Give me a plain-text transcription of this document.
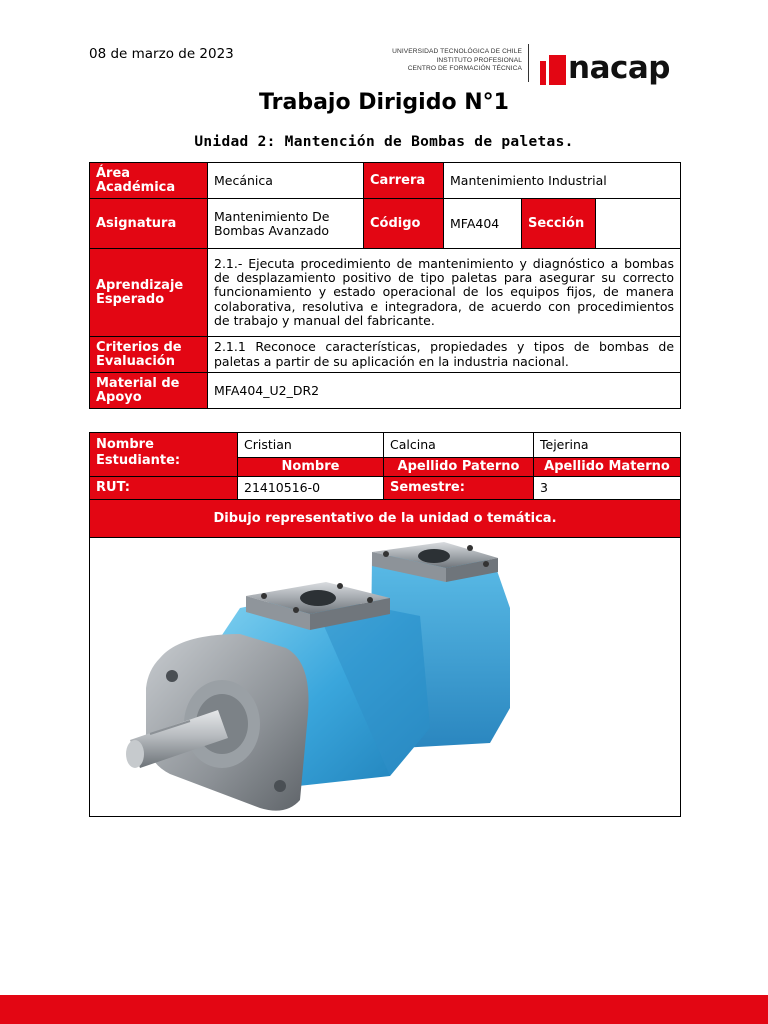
08 de marzo de 2023	UNIVERSIDAD TECNOLÓGICA DE CHILE
INSTITUTO PROFESIONAL
CENTRO DE FORMACIÓN TÉCNICA nacap
Trabajo Dirigido N°1
Unidad 2: Mantención de Bombas de paletas.
Área Académica	Mecánica	Carrera	Mantenimiento Industrial		
Asignatura	Mantenimiento De Bombas Avanzado	Código	MFA404	Sección	
Aprendizaje Esperado	2.1.- Ejecuta procedimiento de mantenimiento y diagnóstico a bombas de desplazamiento positivo de tipo paletas para asegurar su correcto funcionamiento y estado operacional de los equipos fijos, de manera colaborativa, resolutiva e integradora, de acuerdo con procedimientos de trabajo y manual del fabricante.				
Criterios de Evaluación	2.1.1 Reconoce características, propiedades y tipos de bombas de paletas a partir de su aplicación en la industria nacional.				
Material de Apoyo	MFA404_U2_DR2				
Nombre Estudiante:	Cristian	Calcina	Tejerina
	Nombre	Apellido Paterno	Apellido Materno
RUT:	21410516-0	Semestre:	3
Dibujo representativo de la unidad o temática.			
